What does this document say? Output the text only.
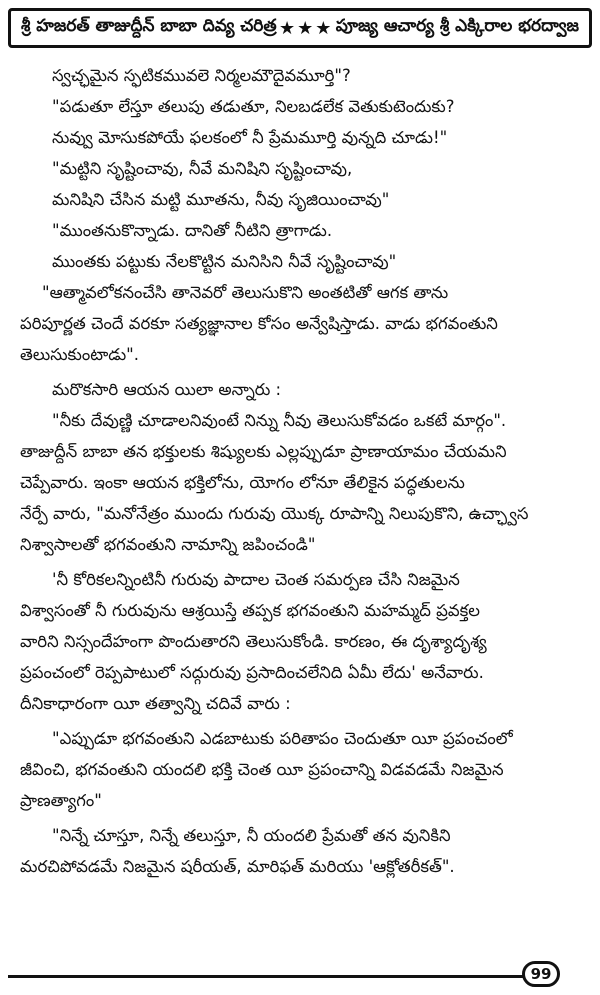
శ్రీ హజరత్ తాజుద్దీన్ బాబా దివ్య చరిత్ర ★★★ పూజ్య ఆచార్య శ్రీ ఎక్కిరాల భరద్వాజ

స్వచ్ఛమైన స్ఫటికమువలె నిర్మలమౌదైవమూర్తి"?

"పడుతూ లేస్తూ తలుపు తడుతూ, నిలబడలేక వెతుకుటెందుకు?

నువ్వు మోసుకపోయే ఫలకంలో నీ ప్రేమమూర్తి వున్నది చూడు!"

"మట్టిని సృష్టించావు, నీవే మనిషిని సృష్టించావు,

మనిషిని చేసిన మట్టి మూతను, నీవు సృజియించావు"

"ముంతనుకొన్నాడు. దానితో నీటిని త్రాగాడు.

ముంతకు పట్టుకు నేలకొట్టిన మనిసిని నీవే సృష్టించావు"

"ఆత్మావలోకనంచేసి తానెవరో తెలుసుకొని అంతటితో ఆగక తాను

పరిపూర్ణత చెందే వరకూ సత్యజ్ఞానాల కోసం అన్వేషిస్తాడు. వాడు భగవంతుని

తెలుసుకుంటాడు".

మరొకసారి ఆయన యిలా అన్నారు :

"నీకు దేవుణ్ణి చూడాలనివుంటే నిన్ను నీవు తెలుసుకోవడం ఒకటే మార్గం".

తాజుద్దీన్ బాబా తన భక్తులకు శిష్యులకు ఎల్లప్పుడూ ప్రాణాయామం చేయమని

చెప్పేవారు. ఇంకా ఆయన భక్తిలోను, యోగం లోనూ తేలికైన పద్ధతులను

నేర్పే వారు, "మనోనేత్రం ముందు గురువు యొక్క రూపాన్ని నిలుపుకొని, ఉచ్ఛ్వాస

నిశ్వాసాలతో భగవంతుని నామాన్ని జపించండి"

'నీ కోరికలన్నింటినీ గురువు పాదాల చెంత సమర్పణ చేసి నిజమైన

విశ్వాసంతో నీ గురువును ఆశ్రయిస్తే తప్పక భగవంతుని మహమ్మద్ ప్రవక్తల

వారిని నిస్సందేహంగా పొందుతారని తెలుసుకోండి. కారణం, ఈ దృశ్యాదృశ్య

ప్రపంచంలో రెప్పపాటులో సద్గురువు ప్రసాదించలేనిది ఏమీ లేదు' అనేవారు.

దీనికాధారంగా యీ తత్వాన్ని చదివే వారు :

"ఎప్పుడూ భగవంతుని ఎడబాటుకు పరితాపం చెందుతూ యీ ప్రపంచంలో

జీవించి, భగవంతుని యందలి భక్తి చెంత యీ ప్రపంచాన్ని విడవడమే నిజమైన

ప్రాణత్యాగం"

"నిన్నే చూస్తూ, నిన్నే తలుస్తూ, నీ యందలి ప్రేమతో తన వునికిని

మరచిపోవడమే నిజమైన షరీయత్, మారిఫత్ మరియు 'ఆక్లోతరీకత్".

99
